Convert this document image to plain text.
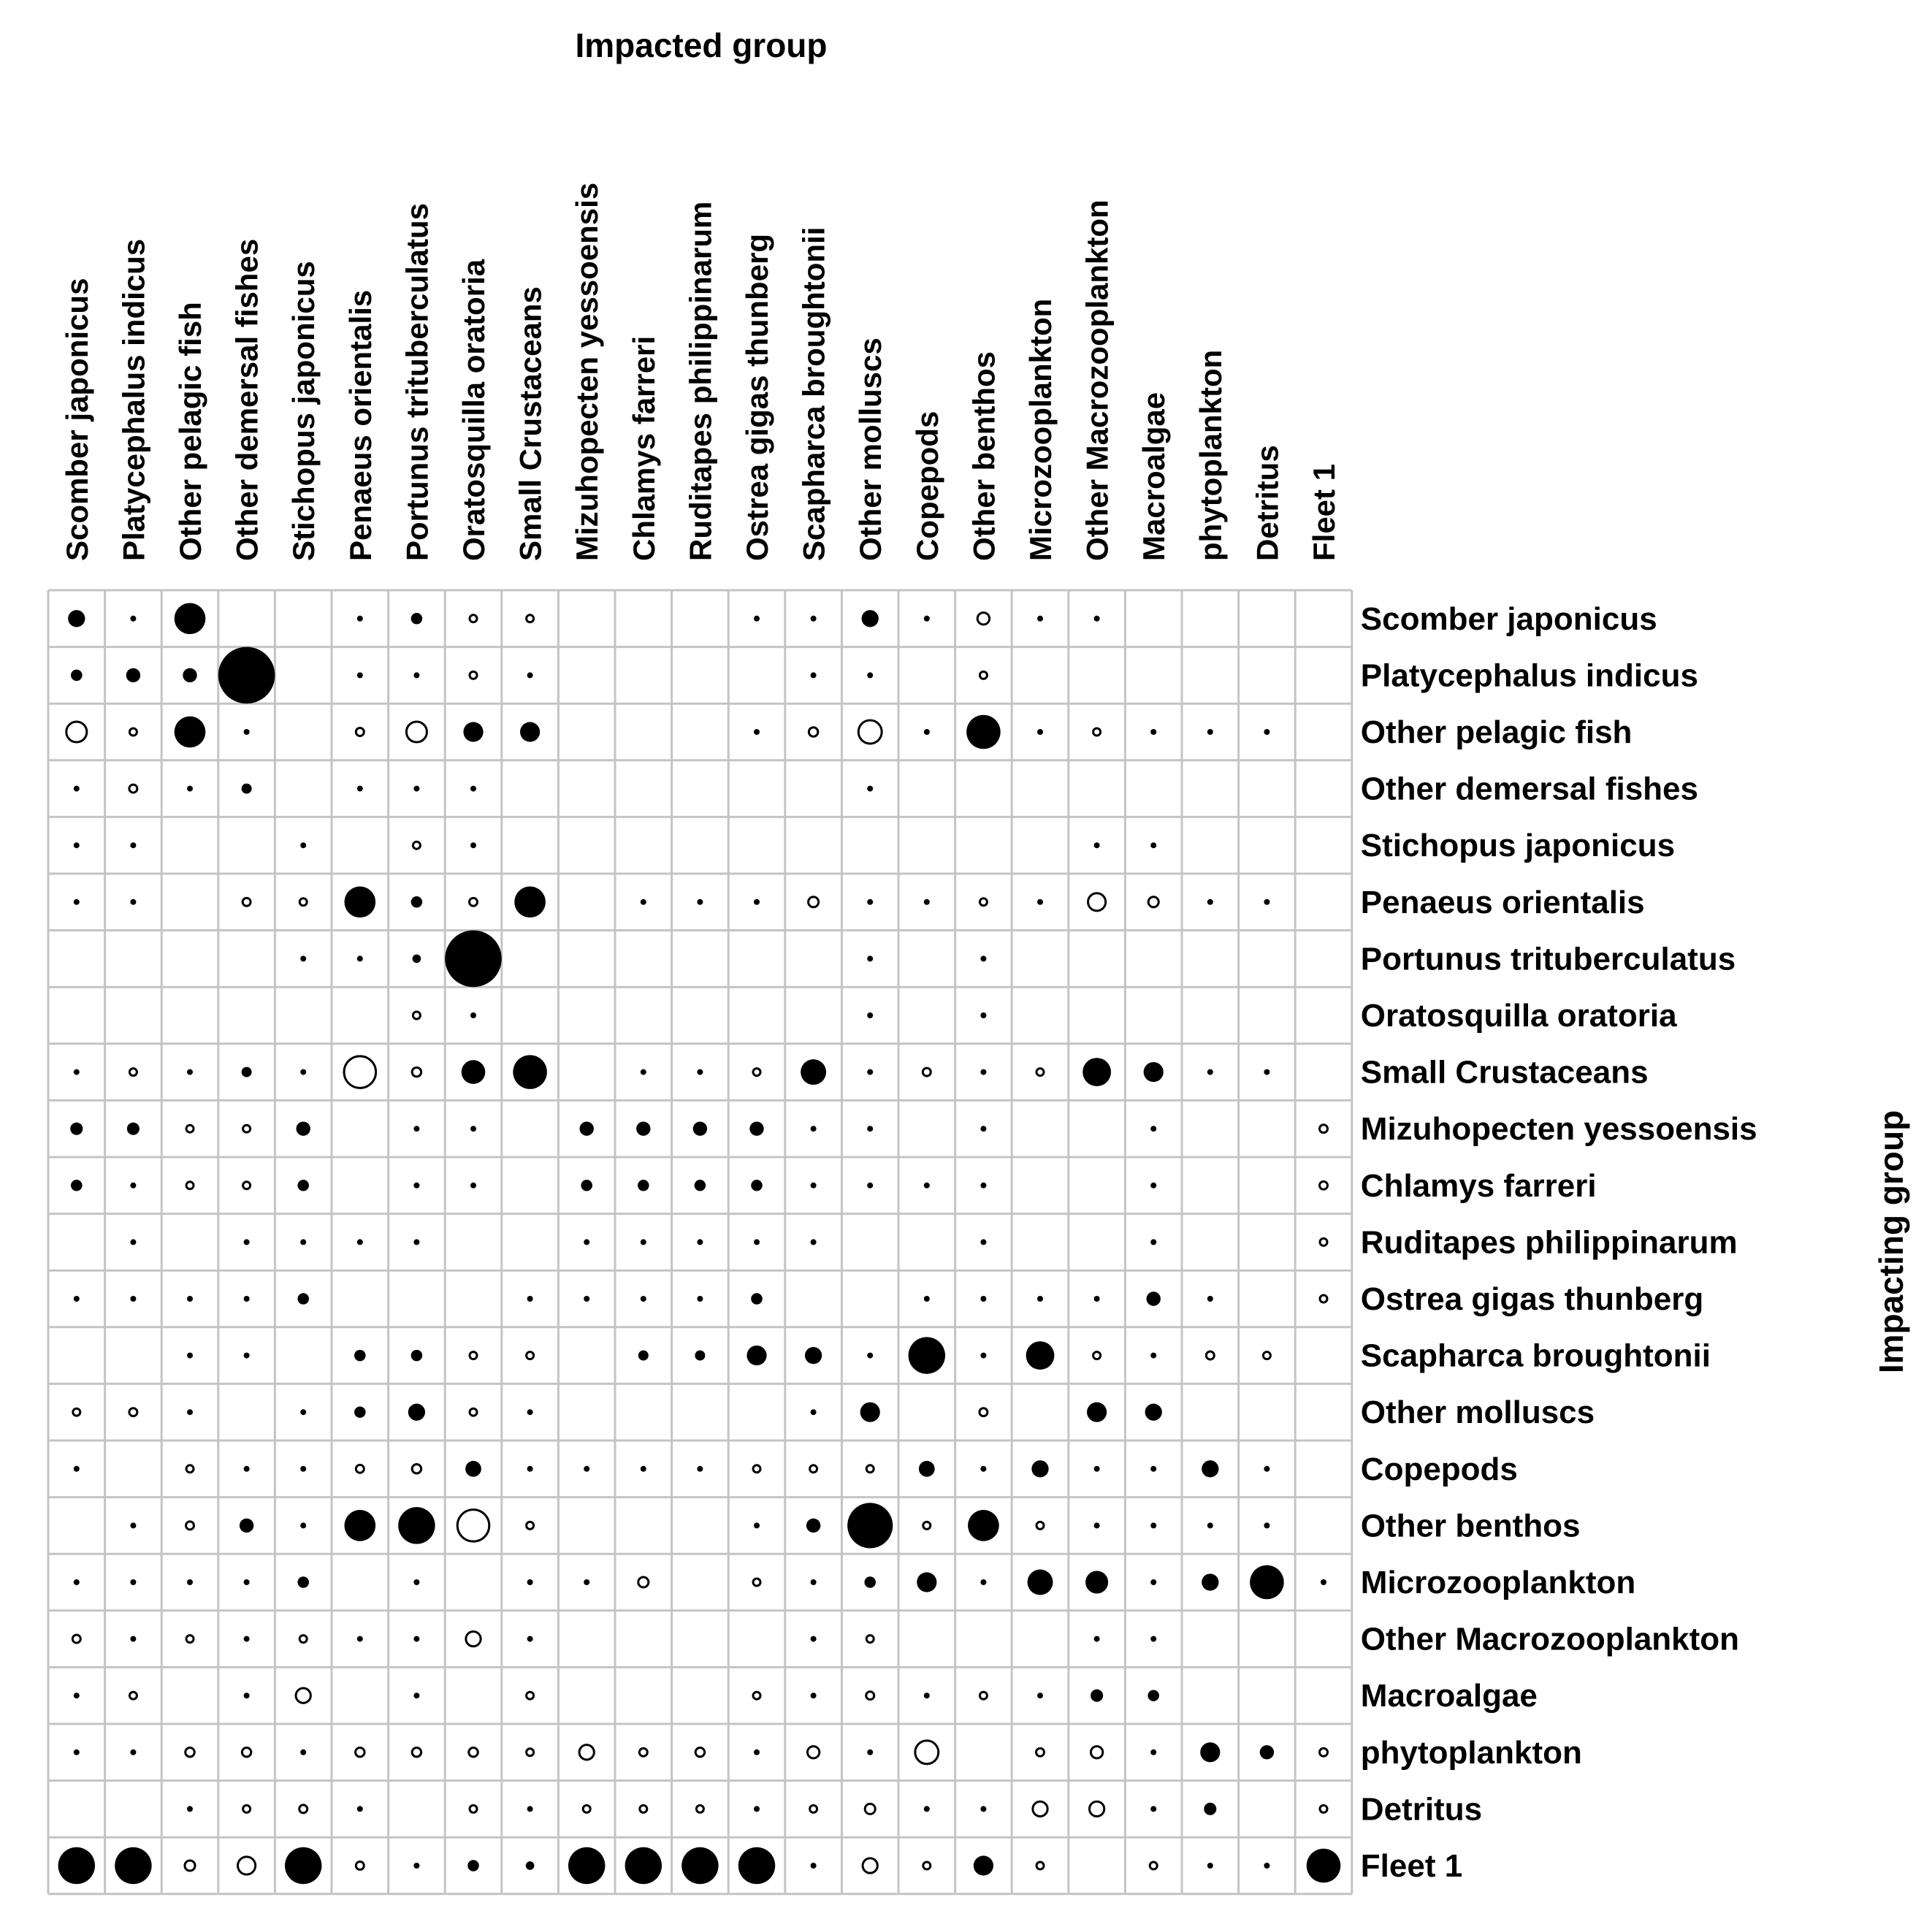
Impacted group
Scomber japonicus Platycephalus indicus Other pelagic fish Other demersal fishes Stichopus japonicus Penaeus orientalis Portunus trituberculatus Oratosquilla oratoria Small Crustaceans Mizuhopecten yessoensis Chlamys farreri Ruditapes philippinarum Ostrea gigas thunberg Scapharca broughtonii Other molluscs Copepods Other benthos Microzooplankton Other Macrozooplankton Macroalgae phytoplankton Detritus Fleet 1
Scomber japonicus
Platycephalus indicus
Other pelagic fish
Other demersal fishes
Stichopus japonicus
Penaeus orientalis
Portunus trituberculatus
Oratosquilla oratoria
Small Crustaceans
Mizuhopecten yessoensis
Chlamys farreri
Ruditapes philippinarum
Ostrea gigas thunberg
Scapharca broughtonii
Other molluscs
Copepods
Other benthos
Microzooplankton
Other Macrozooplankton
Macroalgae
phytoplankton
Detritus
Fleet 1
Impacting group
